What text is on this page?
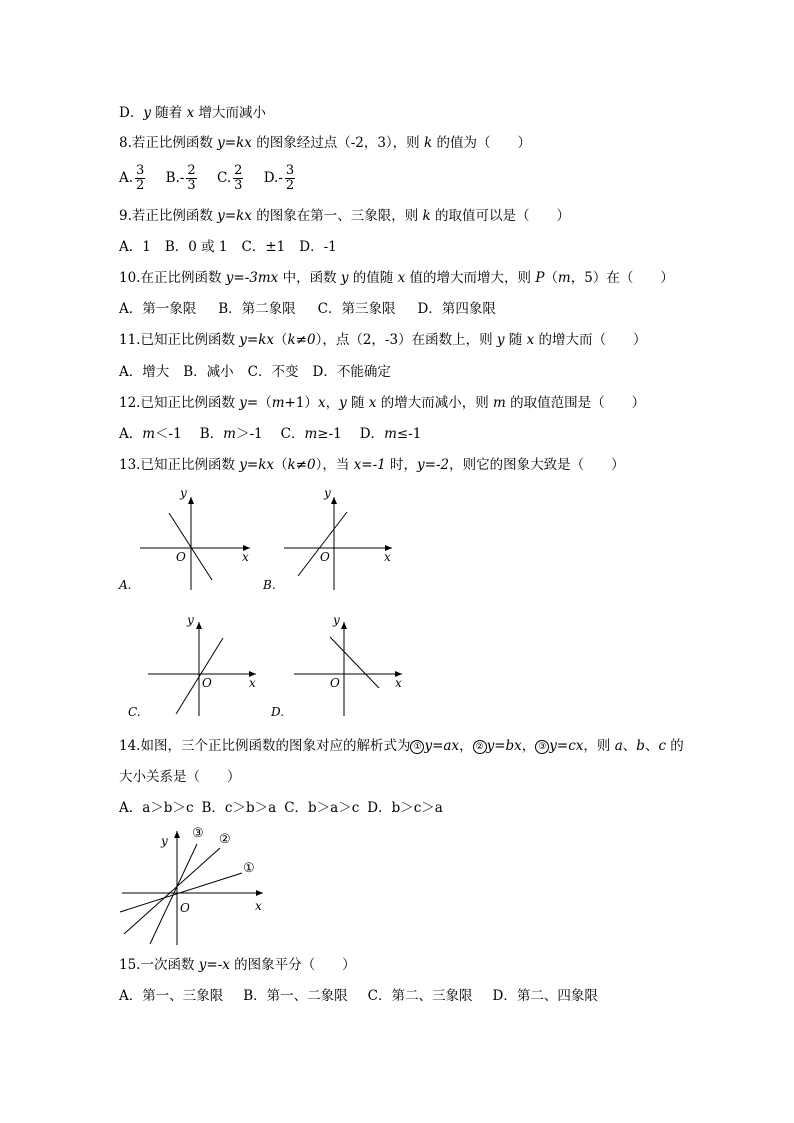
D．y 随着 x 增大而减小
8.若正比例函数 y=kx 的图象经过点（-2，3），则 k 的值为（　　）
A. $\frac{3}{2} B.- \frac{2}{3} C$. $\frac{2}{3} D.- \frac{3}{2}$
9.若正比例函数 y=kx 的图象在第一、三象限，则 k 的取值可以是（　　）
A．1 B．0 或 1 C．±1 D．-1
10.在正比例函数 y=-3mx 中，函数 y 的值随 x 值的增大而增大，则 P（m，5）在（　　）
A．第一象限 B．第二象限 C．第三象限 D．第四象限
11.已知正比例函数 y=kx（k≠0），点（2，-3）在函数上，则 y 随 x 的增大而（　　）
A．增大 B．减小 C．不变 D．不能确定
12.已知正比例函数 y=（m+1）x，y 随 x 的增大而减小，则 m 的取值范围是（　　）
A．m＜-1 B．m＞-1 C．m≥-1 D．m≤-1
13.已知正比例函数 y=kx（k≠0），当 x=-1 时，y=-2，则它的图象大致是（　　）
y
x
O
y
x
O
y
x
O
y
x
O
y
x
O
①
②
③
A.	B.
C.	D.
14.如图，三个正比例函数的图象对应的解析式为 ① y=ax， ② y=bx， ③ y=cx，则 a、b、c 的
大小关系是（　　）
A．a＞b＞c B．c＞b＞a C．b＞a＞c D．b＞c＞a
15.一次函数 y=-x 的图象平分（　　）
A．第一、三象限 B．第一、二象限 C．第二、三象限 D．第二、四象限
